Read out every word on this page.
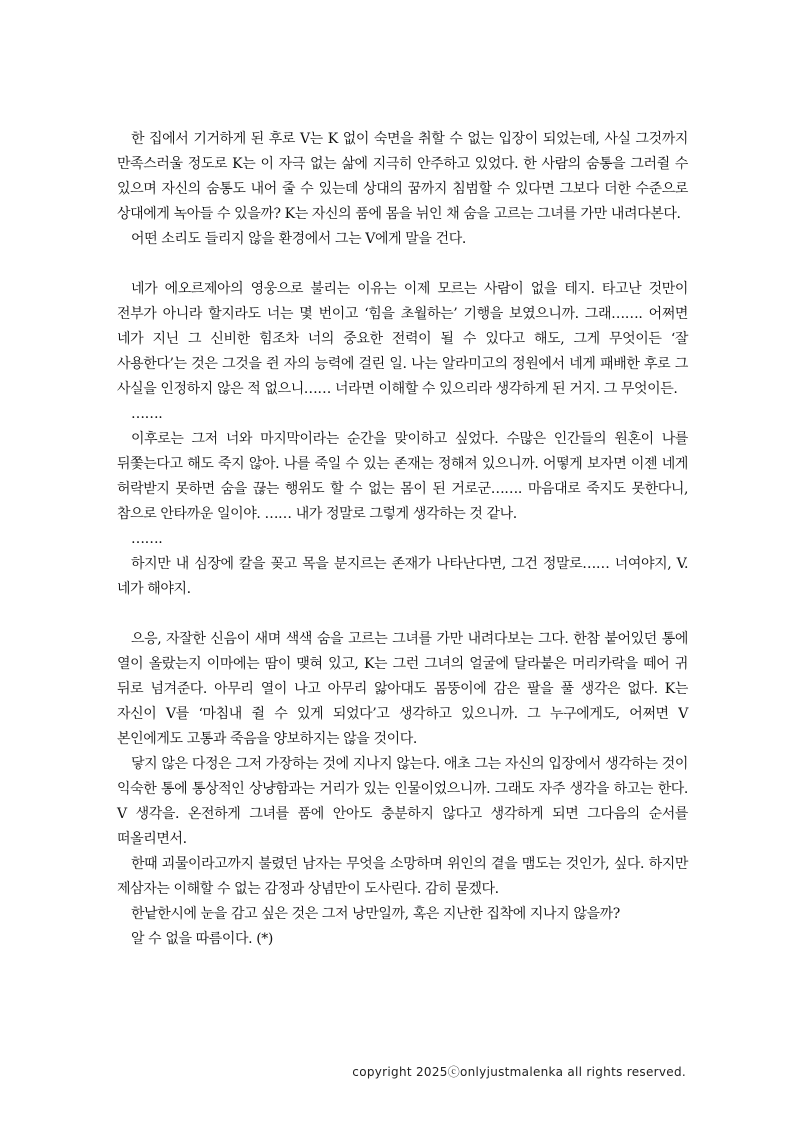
한 집에서 기거하게 된 후로 V는 K 없이 숙면을 취할 수 없는 입장이 되었는데, 사실 그것까지 만족스러울 정도로 K는 이 자극 없는 삶에 지극히 안주하고 있었다. 한 사람의 숨통을 그러쥘 수 있으며 자신의 숨통도 내어 줄 수 있는데 상대의 꿈까지 침범할 수 있다면 그보다 더한 수준으로 상대에게 녹아들 수 있을까? K는 자신의 품에 몸을 뉘인 채 숨을 고르는 그녀를 가만 내려다본다.

어떤 소리도 들리지 않을 환경에서 그는 V에게 말을 건다.

네가 에오르제아의 영웅으로 불리는 이유는 이제 모르는 사람이 없을 테지. 타고난 것만이 전부가 아니라 할지라도 너는 몇 번이고 ‘힘을 초월하는’ 기행을 보였으니까. 그래……. 어쩌면 네가 지닌 그 신비한 힘조차 너의 중요한 전력이 될 수 있다고 해도, 그게 무엇이든 ‘잘 사용한다’는 것은 그것을 쥔 자의 능력에 걸린 일. 나는 알라미고의 정원에서 네게 패배한 후로 그 사실을 인정하지 않은 적 없으니…… 너라면 이해할 수 있으리라 생각하게 된 거지. 그 무엇이든.

…….

이후로는 그저 너와 마지막이라는 순간을 맞이하고 싶었다. 수많은 인간들의 원혼이 나를 뒤쫓는다고 해도 죽지 않아. 나를 죽일 수 있는 존재는 정해져 있으니까. 어떻게 보자면 이젠 네게 허락받지 못하면 숨을 끊는 행위도 할 수 없는 몸이 된 거로군……. 마음대로 죽지도 못한다니, 참으로 안타까운 일이야. …… 내가 정말로 그렇게 생각하는 것 같나.

…….

하지만 내 심장에 칼을 꽂고 목을 분지르는 존재가 나타난다면, 그건 정말로…… 너여야지, V. 네가 해야지.

으응, 자잘한 신음이 새며 색색 숨을 고르는 그녀를 가만 내려다보는 그다. 한참 붙어있던 통에 열이 올랐는지 이마에는 땀이 맺혀 있고, K는 그런 그녀의 얼굴에 달라붙은 머리카락을 떼어 귀 뒤로 넘겨준다. 아무리 열이 나고 아무리 앓아대도 몸뚱이에 감은 팔을 풀 생각은 없다. K는 자신이 V를 ‘마침내 쥘 수 있게 되었다’고 생각하고 있으니까. 그 누구에게도, 어쩌면 V 본인에게도 고통과 죽음을 양보하지는 않을 것이다.

닿지 않은 다정은 그저 가장하는 것에 지나지 않는다. 애초 그는 자신의 입장에서 생각하는 것이 익숙한 통에 통상적인 상냥함과는 거리가 있는 인물이었으니까. 그래도 자주 생각을 하고는 한다. V 생각을. 온전하게 그녀를 품에 안아도 충분하지 않다고 생각하게 되면 그다음의 순서를 떠올리면서.

한때 괴물이라고까지 불렸던 남자는 무엇을 소망하며 위인의 곁을 맴도는 것인가, 싶다. 하지만 제삼자는 이해할 수 없는 감정과 상념만이 도사린다. 감히 묻겠다.

한낱한시에 눈을 감고 싶은 것은 그저 낭만일까, 혹은 지난한 집착에 지나지 않을까?

알 수 없을 따름이다. (*)

copyright 2025ⓒonlyjustmalenka all rights reserved.
